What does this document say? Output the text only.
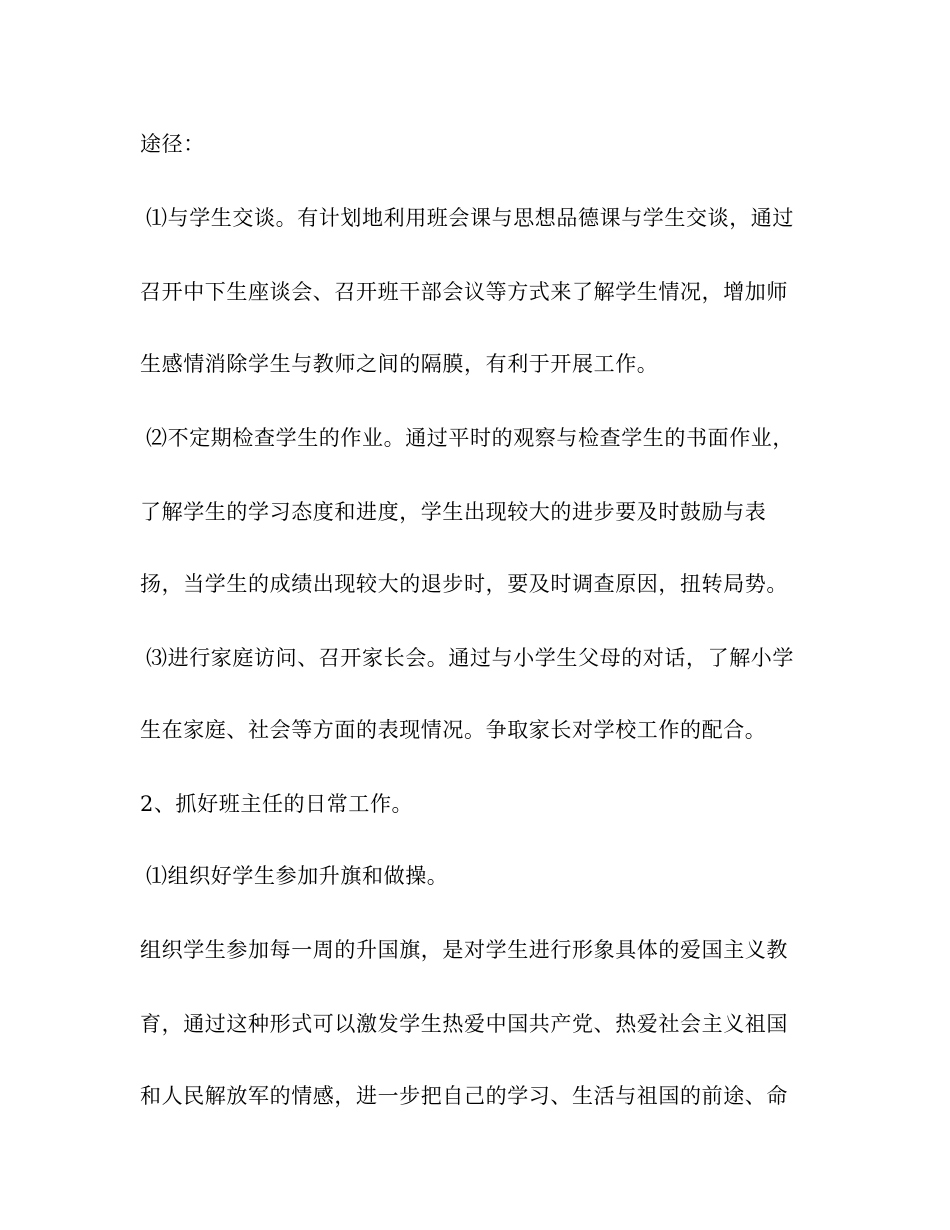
途径：
⑴与学生交谈。有计划地利用班会课与思想品德课与学生交谈，通过
召开中下生座谈会、召开班干部会议等方式来了解学生情况，增加师
生感情消除学生与教师之间的隔膜，有利于开展工作。
⑵不定期检查学生的作业。通过平时的观察与检查学生的书面作业，
了解学生的学习态度和进度，学生出现较大的进步要及时鼓励与表
扬，当学生的成绩出现较大的退步时，要及时调查原因，扭转局势。
⑶进行家庭访问、召开家长会。通过与小学生父母的对话，了解小学
生在家庭、社会等方面的表现情况。争取家长对学校工作的配合。
2、抓好班主任的日常工作。
⑴组织好学生参加升旗和做操。
组织学生参加每一周的升国旗，是对学生进行形象具体的爱国主义教
育，通过这种形式可以激发学生热爱中国共产党、热爱社会主义祖国
和人民解放军的情感，进一步把自己的学习、生活与祖国的前途、命
